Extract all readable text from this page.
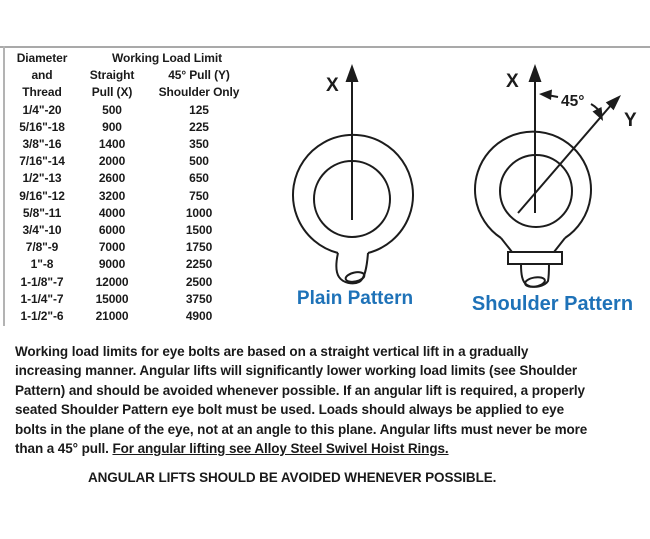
Diameter	Working Load Limit
and	Straight	45° Pull (Y)
Thread	Pull (X)	Shoulder Only
1/4"-20	500	125
5/16"-18	900	225
3/8"-16	1400	350
7/16"-14	2000	500
1/2"-13	2600	650
9/16"-12	3200	750
5/8"-11	4000	1000
3/4"-10	6000	1500
7/8"-9	7000	1750
1"-8	9000	2250
1-1/8"-7	12000	2500
1-1/4"-7	15000	3750
1-1/2"-6	21000	4900
X
Plain Pattern
X
Y
45°
Shoulder Pattern
Working load limits for eye bolts are based on a straight vertical lift in a gradually
increasing manner. Angular lifts will significantly lower working load limits (see Shoulder
Pattern) and should be avoided whenever possible. If an angular lift is required, a properly
seated Shoulder Pattern eye bolt must be used. Loads should always be applied to eye
bolts in the plane of the eye, not at an angle to this plane. Angular lifts must never be more
than a 45° pull. For angular lifting see Alloy Steel Swivel Hoist Rings.
ANGULAR LIFTS SHOULD BE AVOIDED WHENEVER POSSIBLE.
